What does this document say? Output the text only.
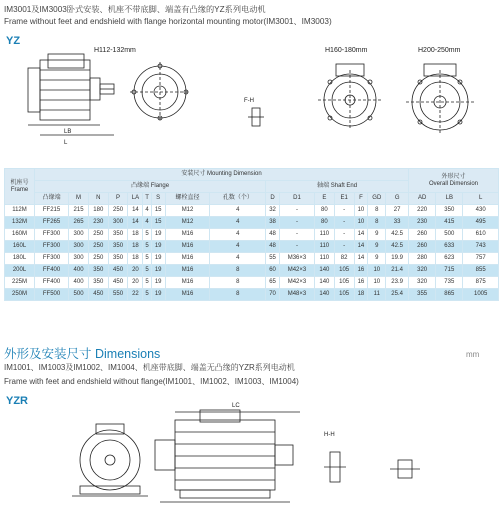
IM3001及IM3003卧式安装、机座不带底脚、端盖有凸缘的YZ系列电动机
Frame without feet and endshield with flange horizontal mounting motor(IM3001、IM3003)
YZ
LB
L
H112-132mm
F-H
H160-180mm	H200-250mm
机座号
Frame	安装尺寸 Mounting Dimension																外形尺寸
Overall Dimension		
	凸缘端 Flange									轴端 Shaft End									
	凸缘端	M	N	P	LA	T	S	螺栓直径	孔数（个）	D	D1	E	E1	F	GD	G	AD	LB	L
112M	FF215	215	180	250	14	4	15	M12	4	32	-	80	-	10	8	27	220	350	430
132M	FF265	265	230	300	14	4	15	M12	4	38	-	80	-	10	8	33	230	415	495
160M	FF300	300	250	350	18	5	19	M16	4	48	-	110	-	14	9	42.5	260	500	610
160L	FF300	300	250	350	18	5	19	M16	4	48	-	110	-	14	9	42.5	260	633	743
180L	FF300	300	250	350	18	5	19	M16	4	55	M36×3	110	82	14	9	19.9	280	623	757
200L	FF400	400	350	450	20	5	19	M16	8	60	M42×3	140	105	16	10	21.4	320	715	855
225M	FF400	400	350	450	20	5	19	M16	8	65	M42×3	140	105	16	10	23.9	320	735	875
250M	FF500	500	450	550	22	5	19	M16	8	70	M48×3	140	105	18	11	25.4	355	865	1005
外形及安装尺寸 Dimensions	mm
IM1001、IM1003及IM1002、IM1004、机座带底脚、端盖无凸缘的YZR系列电动机
Frame with feet and endshield without flange(IM1001、IM1002、IM1003、IM1004)
YZR	LC
H-H
